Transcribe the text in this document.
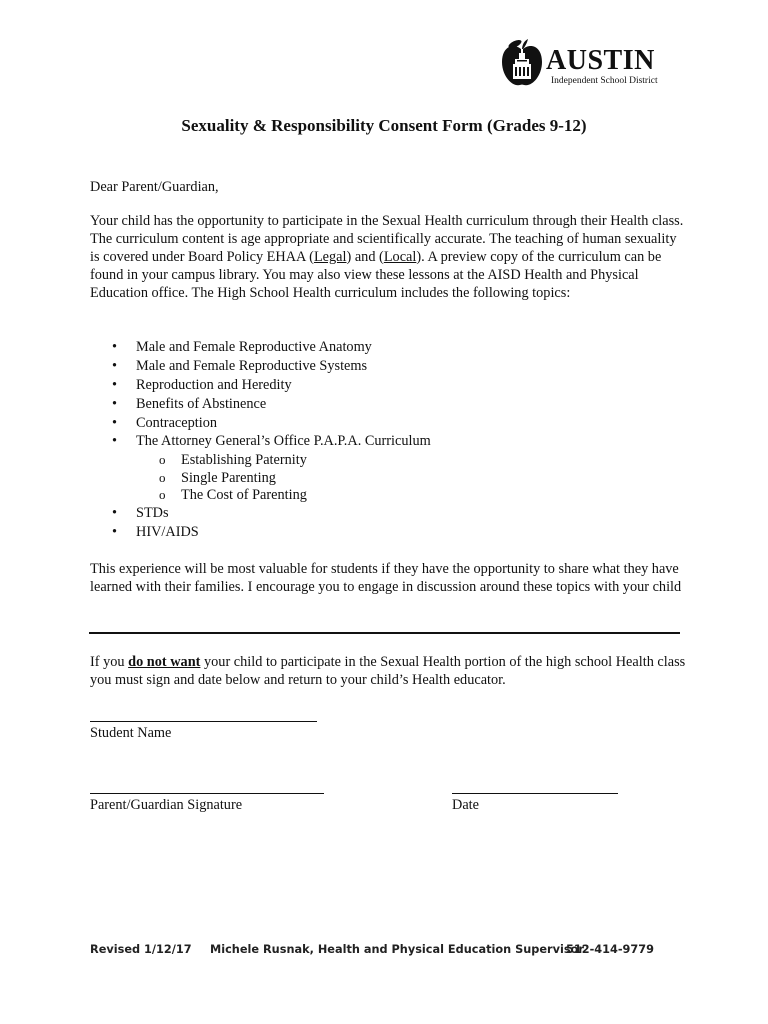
AUSTIN
Independent School District
Sexuality & Responsibility Consent Form (Grades 9-12)
Dear Parent/Guardian,

Your child has the opportunity to participate in the Sexual Health curriculum through their Health class. The curriculum content is age appropriate and scientifically accurate. The teaching of human sexuality is covered under Board Policy EHAA (Legal) and (Local). A preview copy of the curriculum can be found in your campus library. You may also view these lessons at the AISD Health and Physical Education office. The High School Health curriculum includes the following topics:

• Male and Female Reproductive Anatomy
• Male and Female Reproductive Systems
• Reproduction and Heredity
• Benefits of Abstinence
• Contraception
• The Attorney General’s Office P.A.P.A. Curriculum
o Establishing Paternity
o Single Parenting
o The Cost of Parenting
• STDs
• HIV/AIDS

This experience will be most valuable for students if they have the opportunity to share what they have learned with their families. I encourage you to engage in discussion around these topics with your child

If you do not want your child to participate in the Sexual Health portion of the high school Health class you must sign and date below and return to your child’s Health educator.

Student Name
Parent/Guardian Signature	Date
Revised 1/12/17 Michele Rusnak, Health and Physical Education Supervisor
512-414-9779
